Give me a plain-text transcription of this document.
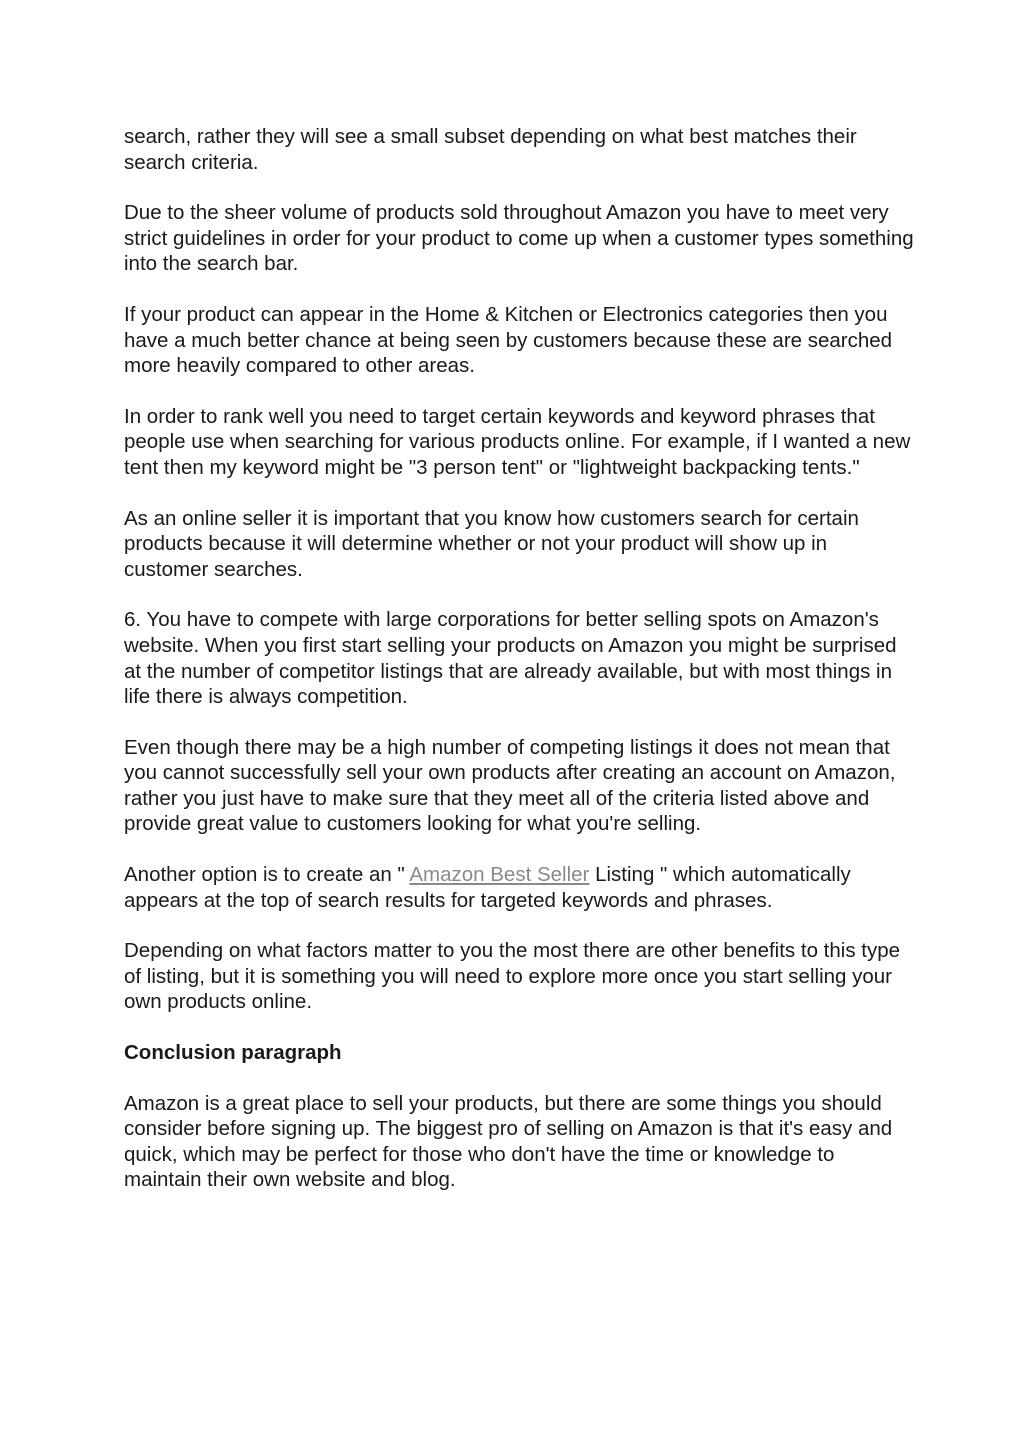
search, rather they will see a small subset depending on what best matches their search criteria.

Due to the sheer volume of products sold throughout Amazon you have to meet very strict guidelines in order for your product to come up when a customer types something into the search bar.

If your product can appear in the Home & Kitchen or Electronics categories then you have a much better chance at being seen by customers because these are searched more heavily compared to other areas.

In order to rank well you need to target certain keywords and keyword phrases that people use when searching for various products online. For example, if I wanted a new tent then my keyword might be "3 person tent" or "lightweight backpacking tents."

As an online seller it is important that you know how customers search for certain products because it will determine whether or not your product will show up in customer searches.

6. You have to compete with large corporations for better selling spots on Amazon's website. When you first start selling your products on Amazon you might be surprised at the number of competitor listings that are already available, but with most things in life there is always competition.

Even though there may be a high number of competing listings it does not mean that you cannot successfully sell your own products after creating an account on Amazon, rather you just have to make sure that they meet all of the criteria listed above and provide great value to customers looking for what you're selling.

Another option is to create an " Amazon Best Seller Listing " which automatically appears at the top of search results for targeted keywords and phrases.

Depending on what factors matter to you the most there are other benefits to this type of listing, but it is something you will need to explore more once you start selling your own products online.

Conclusion paragraph

Amazon is a great place to sell your products, but there are some things you should consider before signing up. The biggest pro of selling on Amazon is that it's easy and quick, which may be perfect for those who don't have the time or knowledge to maintain their own website and blog.
